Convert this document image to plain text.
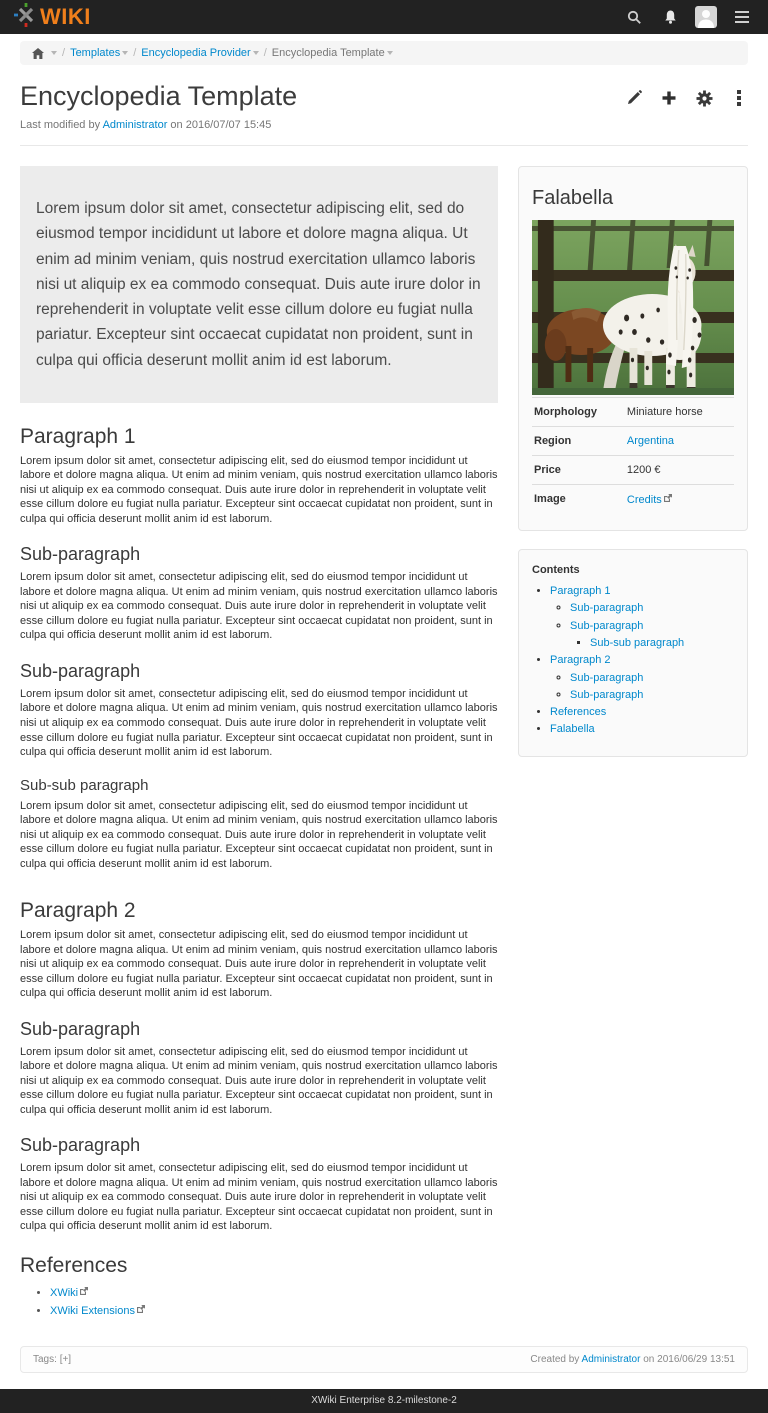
WIKI
/ Templates	/ Encyclopedia Provider	/ Encyclopedia Template
Encyclopedia Template
Last modified by Administrator on 2016/07/07 15:45
Lorem ipsum dolor sit amet, consectetur adipiscing elit, sed do eiusmod tempor incididunt ut labore et dolore magna aliqua. Ut enim ad minim veniam, quis nostrud exercitation ullamco laboris nisi ut aliquip ex ea commodo consequat. Duis aute irure dolor in reprehenderit in voluptate velit esse cillum dolore eu fugiat nulla pariatur. Excepteur sint occaecat cupidatat non proident, sunt in culpa qui officia deserunt mollit anim id est laborum.
Paragraph 1

Lorem ipsum dolor sit amet, consectetur adipiscing elit, sed do eiusmod tempor incididunt ut labore et dolore magna aliqua. Ut enim ad minim veniam, quis nostrud exercitation ullamco laboris nisi ut aliquip ex ea commodo consequat. Duis aute irure dolor in reprehenderit in voluptate velit esse cillum dolore eu fugiat nulla pariatur. Excepteur sint occaecat cupidatat non proident, sunt in culpa qui officia deserunt mollit anim id est laborum.

Sub-paragraph

Lorem ipsum dolor sit amet, consectetur adipiscing elit, sed do eiusmod tempor incididunt ut labore et dolore magna aliqua. Ut enim ad minim veniam, quis nostrud exercitation ullamco laboris nisi ut aliquip ex ea commodo consequat. Duis aute irure dolor in reprehenderit in voluptate velit esse cillum dolore eu fugiat nulla pariatur. Excepteur sint occaecat cupidatat non proident, sunt in culpa qui officia deserunt mollit anim id est laborum.

Sub-paragraph

Lorem ipsum dolor sit amet, consectetur adipiscing elit, sed do eiusmod tempor incididunt ut labore et dolore magna aliqua. Ut enim ad minim veniam, quis nostrud exercitation ullamco laboris nisi ut aliquip ex ea commodo consequat. Duis aute irure dolor in reprehenderit in voluptate velit esse cillum dolore eu fugiat nulla pariatur. Excepteur sint occaecat cupidatat non proident, sunt in culpa qui officia deserunt mollit anim id est laborum.

Sub-sub paragraph

Lorem ipsum dolor sit amet, consectetur adipiscing elit, sed do eiusmod tempor incididunt ut labore et dolore magna aliqua. Ut enim ad minim veniam, quis nostrud exercitation ullamco laboris nisi ut aliquip ex ea commodo consequat. Duis aute irure dolor in reprehenderit in voluptate velit esse cillum dolore eu fugiat nulla pariatur. Excepteur sint occaecat cupidatat non proident, sunt in culpa qui officia deserunt mollit anim id est laborum.

Paragraph 2

Lorem ipsum dolor sit amet, consectetur adipiscing elit, sed do eiusmod tempor incididunt ut labore et dolore magna aliqua. Ut enim ad minim veniam, quis nostrud exercitation ullamco laboris nisi ut aliquip ex ea commodo consequat. Duis aute irure dolor in reprehenderit in voluptate velit esse cillum dolore eu fugiat nulla pariatur. Excepteur sint occaecat cupidatat non proident, sunt in culpa qui officia deserunt mollit anim id est laborum.

Sub-paragraph

Lorem ipsum dolor sit amet, consectetur adipiscing elit, sed do eiusmod tempor incididunt ut labore et dolore magna aliqua. Ut enim ad minim veniam, quis nostrud exercitation ullamco laboris nisi ut aliquip ex ea commodo consequat. Duis aute irure dolor in reprehenderit in voluptate velit esse cillum dolore eu fugiat nulla pariatur. Excepteur sint occaecat cupidatat non proident, sunt in culpa qui officia deserunt mollit anim id est laborum.

Sub-paragraph

Lorem ipsum dolor sit amet, consectetur adipiscing elit, sed do eiusmod tempor incididunt ut labore et dolore magna aliqua. Ut enim ad minim veniam, quis nostrud exercitation ullamco laboris nisi ut aliquip ex ea commodo consequat. Duis aute irure dolor in reprehenderit in voluptate velit esse cillum dolore eu fugiat nulla pariatur. Excepteur sint occaecat cupidatat non proident, sunt in culpa qui officia deserunt mollit anim id est laborum.

References
• XWiki
• XWiki Extensions
Falabella
Morphology	Miniature horse
Region	Argentina
Price	1200 €
Image	Credits
Contents
• Paragraph 1
◦ Sub-paragraph
◦ Sub-paragraph
▪ Sub-sub paragraph
• Paragraph 2
◦ Sub-paragraph
◦ Sub-paragraph
• References
• Falabella
Tags: [+]	Created by Administrator on 2016/06/29 13:51
XWiki Enterprise 8.2-milestone-2
